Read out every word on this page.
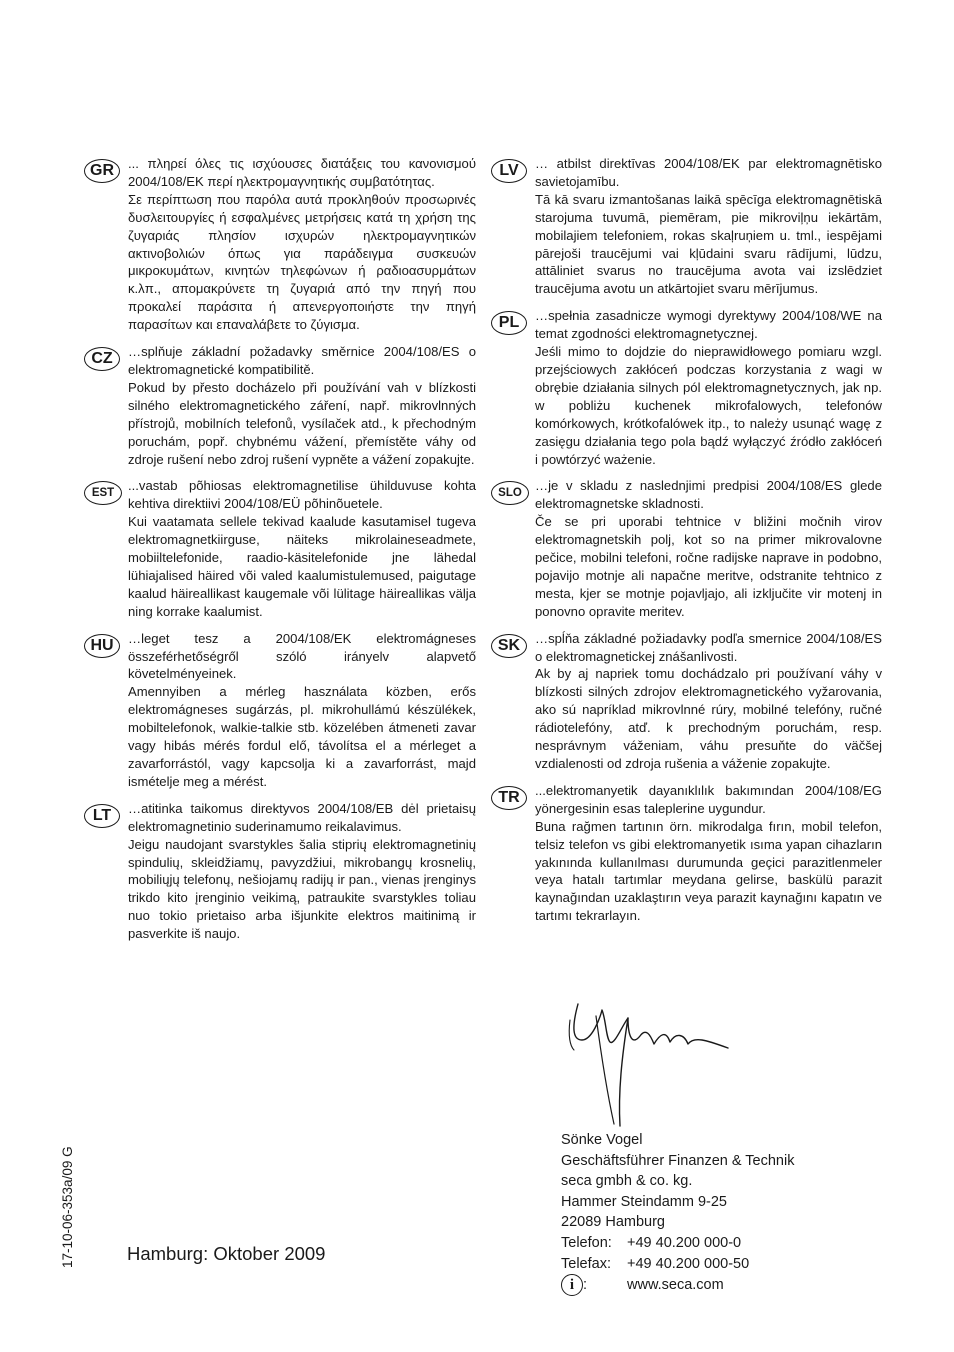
GR	... πληρεί όλες τις ισχύουσες διατάξεις του κανονισμού 2004/108/ΕΚ περί ηλεκτρομαγνητικής συμβατότητας.

Σε περίπτωση που παρόλα αυτά προκληθούν προσωρινές δυσλειτουργίες ή εσφαλμένες μετρήσεις κατά τη χρήση της ζυγαριάς πλησίον ισχυρών ηλεκτρομαγνητικών ακτινοβολιών όπως για παράδειγμα συσκευών μικροκυμάτων, κινητών τηλεφώνων ή ραδιοασυρμάτων κ.λπ., απομακρύνετε τη ζυγαριά από την πηγή που προκαλεί παράσιτα ή απενεργοποιήστε την πηγή παρασίτων και επαναλάβετε το ζύγισμα.

CZ	…splňuje základní požadavky směrnice 2004/108/ES o elektromagnetické kompatibilitě.

Pokud by přesto docházelo při používání vah v blízkosti silného elektromagnetického záření, např. mikrovlnných přístrojů, mobilních telefonů, vysílaček atd., k přechodným poruchám, popř. chybnému vážení, přemístěte váhy od zdroje rušení nebo zdroj rušení vypněte a vážení zopakujte.

EST	...vastab põhiosas elektromagnetilise ühilduvuse kohta kehtiva direktiivi 2004/108/EÜ põhinõuetele.

Kui vaatamata sellele tekivad kaalude kasutamisel tugeva elektromagnetkiirguse, näiteks mikrolaineseadmete, mobiiltelefonide, raadio-käsitelefonide jne lähedal lühiajalised häired või valed kaalumistulemused, paigutage kaalud häireallikast kaugemale või lülitage häireallikas välja ning korrake kaalumist.

HU	…leget tesz a 2004/108/EK elektromágneses összeférhetőségről szóló irányelv alapvető követelményeinek.

Amennyiben a mérleg használata közben, erős elektromágneses sugárzás, pl. mikrohullámú készülékek, mobiltelefonok, walkie-talkie stb. közelében átmeneti zavar vagy hibás mérés fordul elő, távolítsa el a mérleget a zavarforrástól, vagy kapcsolja ki a zavarforrást, majd ismételje meg a mérést.

LT	…atitinka taikomus direktyvos 2004/108/EB dėl prietaisų elektromagnetinio suderinamumo reikalavimus.

Jeigu naudojant svarstykles šalia stiprių elektromagnetinių spindulių, skleidžiamų, pavyzdžiui, mikrobangų krosnelių, mobiliųjų telefonų, nešiojamų radijų ir pan., vienas įrenginys trikdo kito įrenginio veikimą, patraukite svarstykles toliau nuo tokio prietaiso arba išjunkite elektros maitinimą ir pasverkite iš naujo.

LV	… atbilst direktīvas 2004/108/EK par elektromagnētisko savietojamību.

Tā kā svaru izmantošanas laikā spēcīga elektromagnētiskā starojuma tuvumā, piemēram, pie mikroviļņu iekārtām, mobilajiem telefoniem, rokas skaļruņiem u. tml., iespējami pārejoši traucējumi vai kļūdaini svaru rādījumi, lūdzu, attāliniet svarus no traucējuma avota vai izslēdziet traucējuma avotu un atkārtojiet svaru mērījumus.

PL	…spełnia zasadnicze wymogi dyrektywy 2004/108/WE na temat zgodności elektromagnetycznej.

Jeśli mimo to dojdzie do nieprawidłowego pomiaru wzgl. przejściowych zakłóceń podczas korzystania z wagi w obrębie działania silnych pól elektromagnetycznych, jak np. w pobliżu kuchenek mikrofalowych, telefonów komórkowych, krótkofalówek itp., to należy usunąć wagę z zasięgu działania tego pola bądź wyłączyć źródło zakłóceń i powtórzyć ważenie.

SLO	…je v skladu z naslednjimi predpisi 2004/108/ES glede elektromagnetske skladnosti.

Če se pri uporabi tehtnice v bližini močnih virov elektromagnetskih polj, kot so na primer mikrovalovne pečice, mobilni telefoni, ročne radijske naprave in podobno, pojavijo motnje ali napačne meritve, odstranite tehtnico z mesta, kjer se motnje pojavljajo, ali izključite vir motenj in ponovno opravite meritev.

SK	…spĺňa základné požiadavky podľa smernice 2004/108/ES o elektromagnetickej znášanlivosti.

Ak by aj napriek tomu dochádzalo pri používaní váhy v blízkosti silných zdrojov elektromagnetického vyžarovania, ako sú napríklad mikrovlnné rúry, mobilné telefóny, ručné rádiotelefóny, atď. k prechodným poruchám, resp. nesprávnym váženiam, váhu presuňte do väčšej vzdialenosti od zdroja rušenia a váženie zopakujte.

TR	...elektromanyetik dayanıklılık bakımından 2004/108/EG yönergesinin esas taleplerine uygundur.

Buna rağmen tartının örn. mikrodalga fırın, mobil telefon, telsiz telefon vs gibi elektromanyetik ısıma yapan cihazların yakınında kullanılması durumunda geçici parazitlenmeler veya hatalı tartımlar meydana gelirse, baskülü parazit kaynağından uzaklaştırın veya parazit kaynağını kapatın ve tartımı tekrarlayın.

Sönke Vogel
Geschäftsführer Finanzen & Technik
seca gmbh & co. kg.
Hammer Steindamm 9-25
22089 Hamburg
Telefon: +49 40.200 000-0
Telefax: +49 40.200 000-50
i :	www.seca.com
Hamburg: Oktober 2009
17-10-06-353a/09 G
